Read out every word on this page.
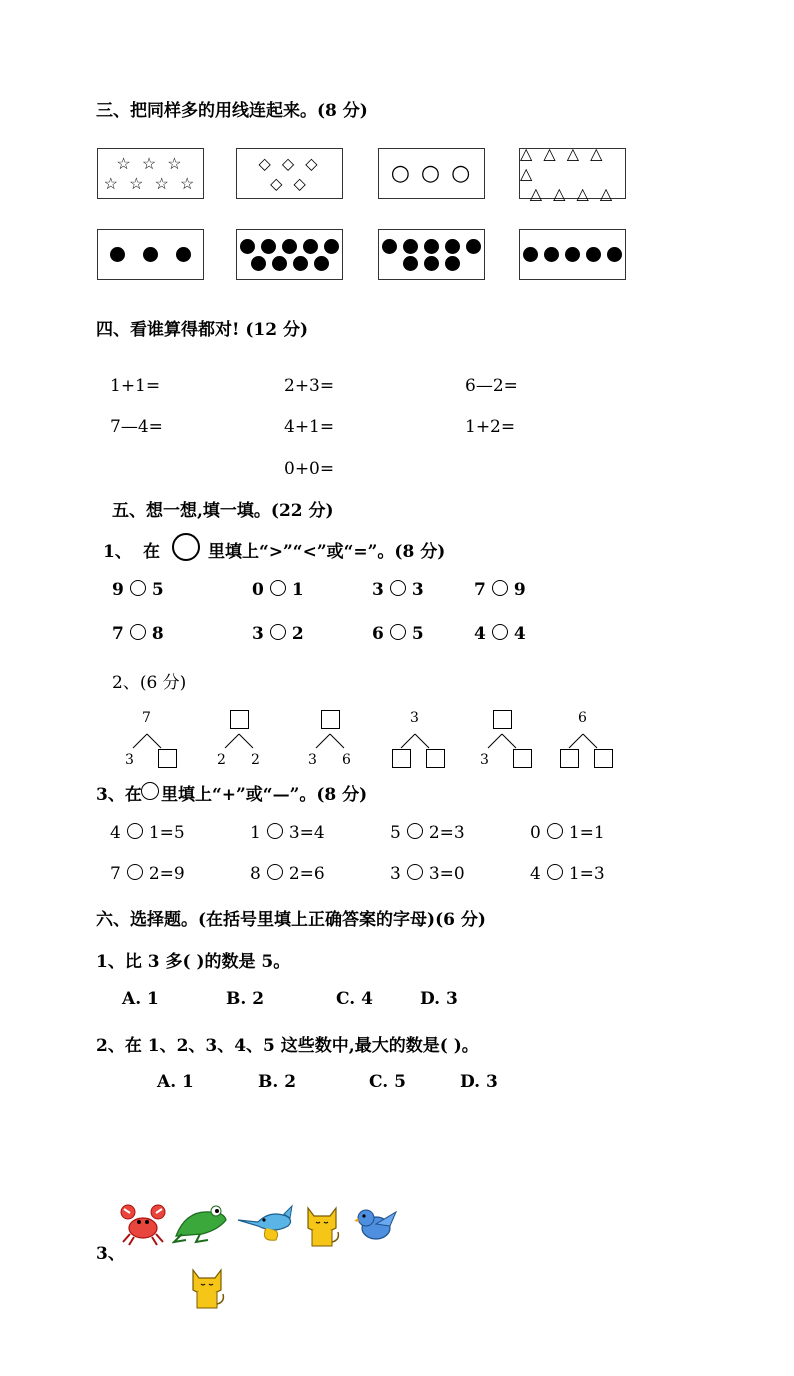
三、把同样多的用线连起来。(8 分)
☆ ☆ ☆
☆ ☆ ☆ ☆
◇ ◇ ◇
◇ ◇	○ ○ ○
△ △ △ △ △
△ △ △ △
四、看谁算得都对! (12 分)
1+1=	2+3=	6—2=
7—4=	4+1=	1+2=
0+0=
五、想一想,填一填。(22 分)
1、 在	里填上“>”“<”或“=”。(8 分)
9 5	0 1	3 3	7 9
7 8	3 2	6 5	4 4
2、(6 分)
7
3	2 2	3 6
3
3
6
3、在 里填上“+”或“—”。(8 分)
4 1=5	1 3=4	5 2=3	0 1=1
7 2=9	8 2=6	3 3=0	4 1=3
六、选择题。(在括号里填上正确答案的字母)(6 分)
1、比 3 多( )的数是 5。
A. 1	B. 2	C. 4	D. 3
2、在 1、2、3、4、5 这些数中,最大的数是( )。
A. 1	B. 2	C. 5	D. 3
3、
